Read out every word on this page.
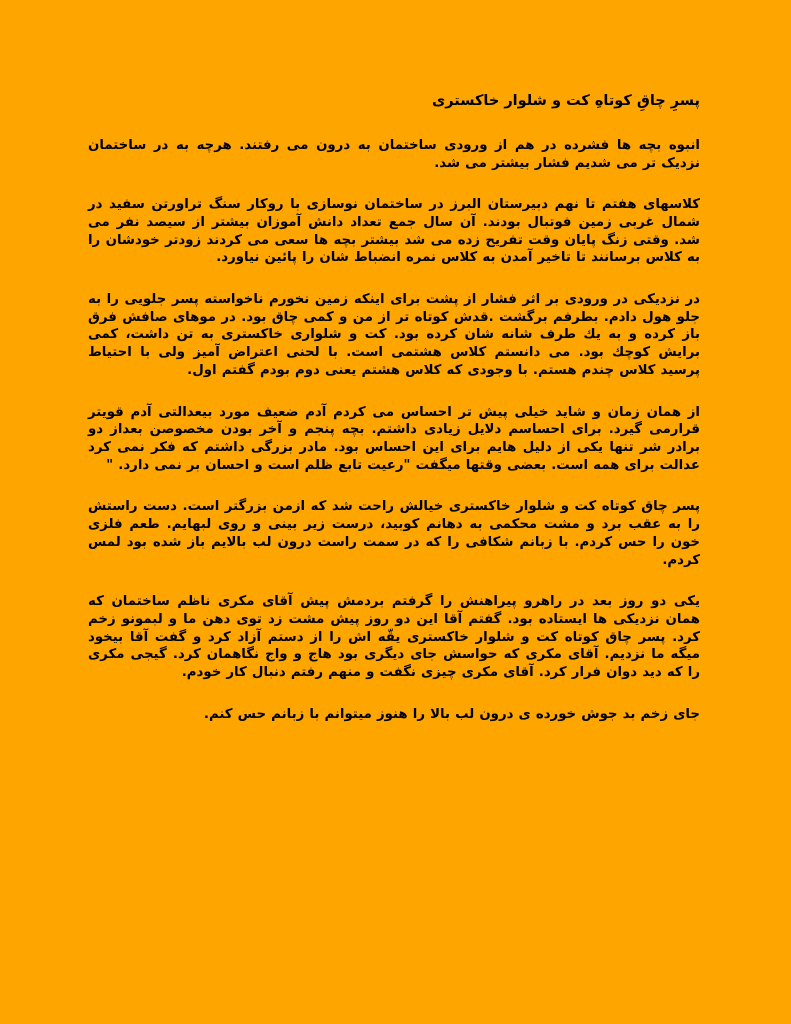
پسرِ چاقِ کوتاهِ کت و شلوار خاکستری

انبوه بچه ها فشرده در هم از ورودی ساختمان به درون می رفتند. هرچه به در ساختمان نزدیک تر می شدیم فشار بیشتر می شد.

کلاسهای هفتم تا نهم دبیرستان البرز در ساختمان نوسازی با روکار سنگ تراورتن سفید در شمال غربی زمین فوتبال بودند. آن سال جمع تعداد دانش آموزان بیشتر از سیصد نفر می شد. وقتی زنگ پایان وقت تفریح زده می شد بیشتر بچه ها سعی می کردند زودتر خودشان را به کلاس برسانند تا تاخیر آمدن به کلاس نمره انضباط شان را پائین نیاورد.

در نزدیکی در ورودی بر اثر فشار از پشت برای اینکه زمین نخورم ناخواسته پسر جلویی را به جلو هول دادم. بطرفم برگشت .قدش کوتاه تر از من و کمی چاق بود. در موهای صافش فرق باز کرده و به یك طرف شانه شان کرده بود. کت و شلواری خاکستری به تن داشت، کمی برایش کوچك بود. می دانستم کلاس هشتمی است. با لحنی اعتراض آمیز ولی با احتیاط پرسید کلاس چندم هستم. با وجودی که کلاس هشتم یعنی دوم بودم گفتم اول.

از همان زمان و شاید خیلی پیش تر احساس می کردم آدم ضعیف مورد بیعدالتی آدم قویتر قرارمی گیرد. برای احساسم دلایل زیادی داشتم. بچه پنجم و آخر بودن مخصوصن بعداز دو برادر شر تنها یکی از دلیل هایم برای این احساس بود. مادر بزرگی داشتم که فکر نمی کرد عدالت برای همه است. بعضی وقتها میگفت "رعیت تابع ظلم است و احسان بر نمی دارد. "

پسر چاق کوتاه کت و شلوار خاکستری خیالش راحت شد که ازمن بزرگتر است. دست راستش را به عقب برد و مشت محکمی به دهانم کوبید، درست زیر بینی و روی لبهایم. طعم فلزی خون را حس کردم. با زبانم شکافی را که در سمت راست درون لب بالایم باز شده بود لمس کردم.

یکی دو روز بعد در راهرو پیراهنش را گرفتم بردمش پیش آقای مکری ناظم ساختمان که همان نزدیکی ها ایستاده بود. گفتم آقا این دو روز پیش مشت زد توی دهن ما و لبمونو زخم کرد. پسر چاق کوتاه کت و شلوار خاکستری یقّه اش را از دستم آزاد کرد و گفت آقا بیخود میگه ما نزدیم. آقای مکری که حواسش جای دیگری بود هاج و واج نگاهمان کرد. گیجی مکری را که دید دوان فرار کرد. آقای مکری چیزی نگفت و منهم رفتم دنبال کار خودم.

جای زخم بد جوش خورده ی درون لب بالا را هنوز میتوانم با زبانم حس کنم.
